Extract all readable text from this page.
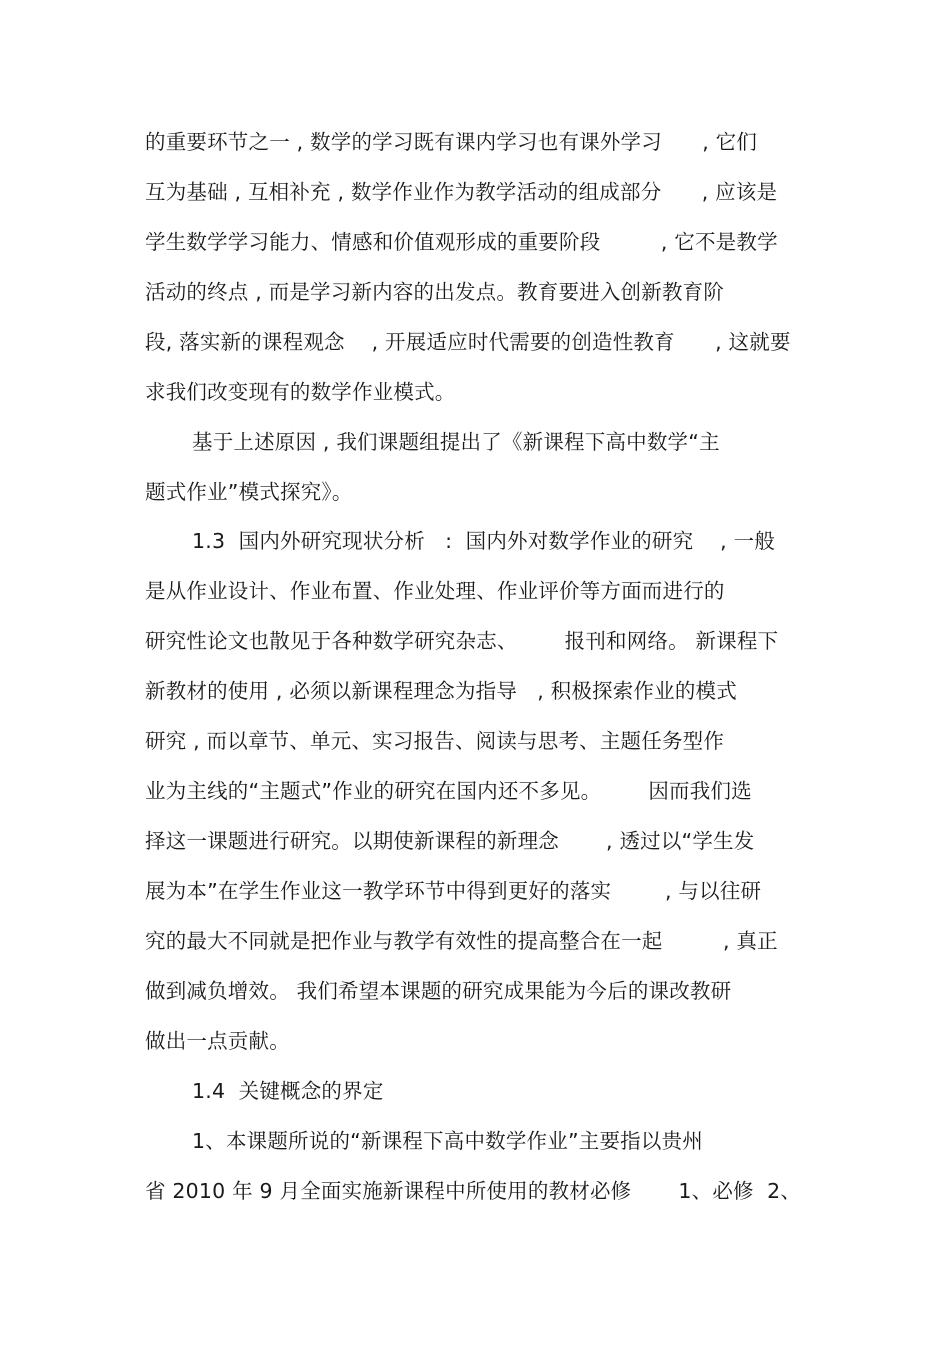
的重要环节之一 , 数学的学习既有课内学习也有课外学习      , 它们
互为基础 , 互相补充 , 数学作业作为教学活动的组成部分      , 应该是
学生数学学习能力、情感和价值观形成的重要阶段         , 它不是教学
活动的终点 , 而是学习新内容的出发点。教育要进入创新教育阶
段, 落实新的课程观念    , 开展适应时代需要的创造性教育      , 这就要
求我们改变现有的数学作业模式。
基于上述原因 , 我们课题组提出了《新课程下高中数学“主
题式作业”模式探究》。
1.3  国内外研究现状分析   :  国内外对数学作业的研究    , 一般
是从作业设计、作业布置、作业处理、作业评价等方面而进行的
研究性论文也散见于各种数学研究杂志、       报刊和网络。 新课程下
新教材的使用 , 必须以新课程理念为指导   , 积极探索作业的模式
研究 , 而以章节、单元、实习报告、阅读与思考、主题任务型作
业为主线的“主题式”作业的研究在国内还不多见。       因而我们选
择这一课题进行研究。以期使新课程的新理念       , 透过以“学生发
展为本”在学生作业这一教学环节中得到更好的落实        , 与以往研
究的最大不同就是把作业与教学有效性的提高整合在一起         , 真正
做到减负增效。 我们希望本课题的研究成果能为今后的课改教研
做出一点贡献。
1.4  关键概念的界定
1、本课题所说的“新课程下高中数学作业”主要指以贵州
省 2010 年 9 月全面实施新课程中所使用的教材必修       1、必修  2、
